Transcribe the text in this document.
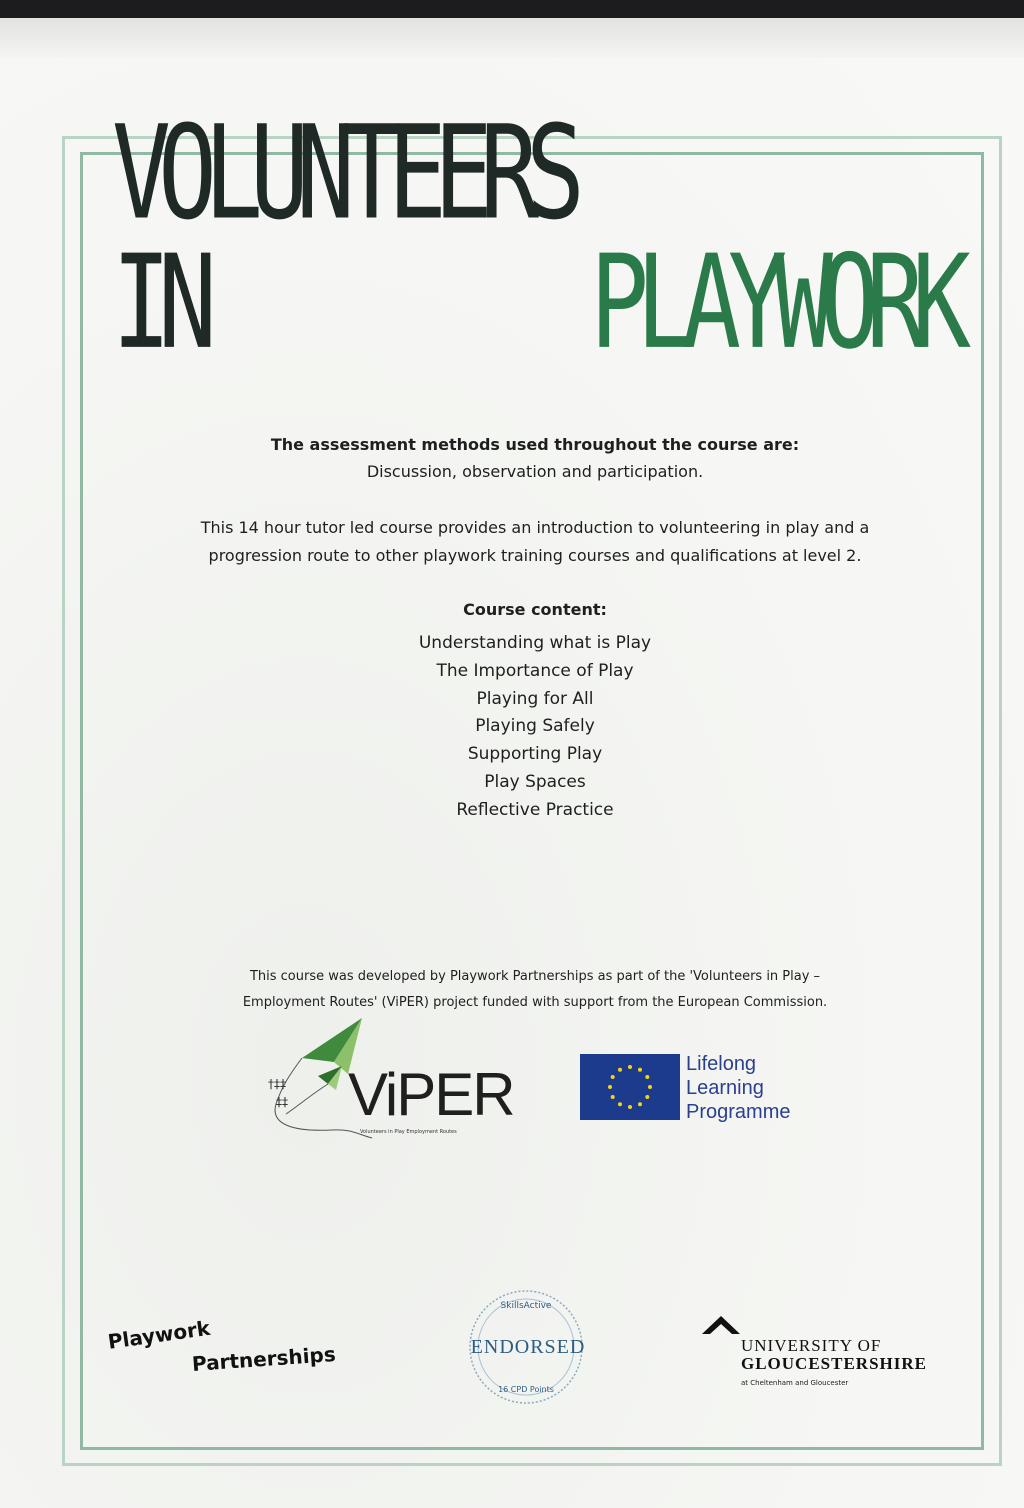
VOLUNTEERS IN	PLAYWORK
The assessment methods used throughout the course are:
Discussion, observation and participation.
This 14 hour tutor led course provides an introduction to volunteering in play and a
progression route to other playwork training courses and qualifications at level 2.
Course content:
Understanding what is Play
The Importance of Play
Playing for All
Playing Safely
Supporting Play
Play Spaces
Reflective Practice
This course was developed by Playwork Partnerships as part of the 'Volunteers in Play –
Employment Routes' (ViPER) project funded with support from the European Commission.
†‡‡
‡‡ ViPER
Volunteers in Play Employment Routes
Lifelong
Learning
Programme
Playwork
Partnerships
SkillsActive
16 CPD Points
ENDORSED	UNIVERSITY OF
GLOUCESTERSHIRE
at Cheltenham and Gloucester
